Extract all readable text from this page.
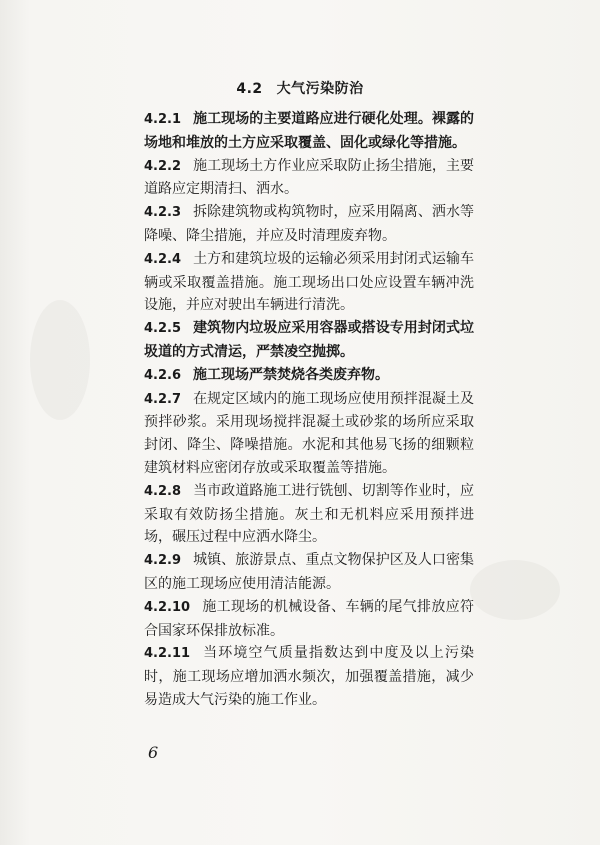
4.2 大气污染防治

4.2.1 施工现场的主要道路应进行硬化处理。裸露的场地和堆放的土方应采取覆盖、固化或绿化等措施。

4.2.2 施工现场土方作业应采取防止扬尘措施，主要道路应定期清扫、洒水。

4.2.3 拆除建筑物或构筑物时，应采用隔离、洒水等降噪、降尘措施，并应及时清理废弃物。

4.2.4 土方和建筑垃圾的运输必须采用封闭式运输车辆或采取覆盖措施。施工现场出口处应设置车辆冲洗设施，并应对驶出车辆进行清洗。

4.2.5 建筑物内垃圾应采用容器或搭设专用封闭式垃圾道的方式清运，严禁凌空抛掷。

4.2.6 施工现场严禁焚烧各类废弃物。

4.2.7 在规定区域内的施工现场应使用预拌混凝土及预拌砂浆。采用现场搅拌混凝土或砂浆的场所应采取封闭、降尘、降噪措施。水泥和其他易飞扬的细颗粒建筑材料应密闭存放或采取覆盖等措施。

4.2.8 当市政道路施工进行铣刨、切割等作业时，应采取有效防扬尘措施。灰土和无机料应采用预拌进场，碾压过程中应洒水降尘。

4.2.9 城镇、旅游景点、重点文物保护区及人口密集区的施工现场应使用清洁能源。

4.2.10 施工现场的机械设备、车辆的尾气排放应符合国家环保排放标准。

4.2.11 当环境空气质量指数达到中度及以上污染时，施工现场应增加洒水频次，加强覆盖措施，减少易造成大气污染的施工作业。

6
